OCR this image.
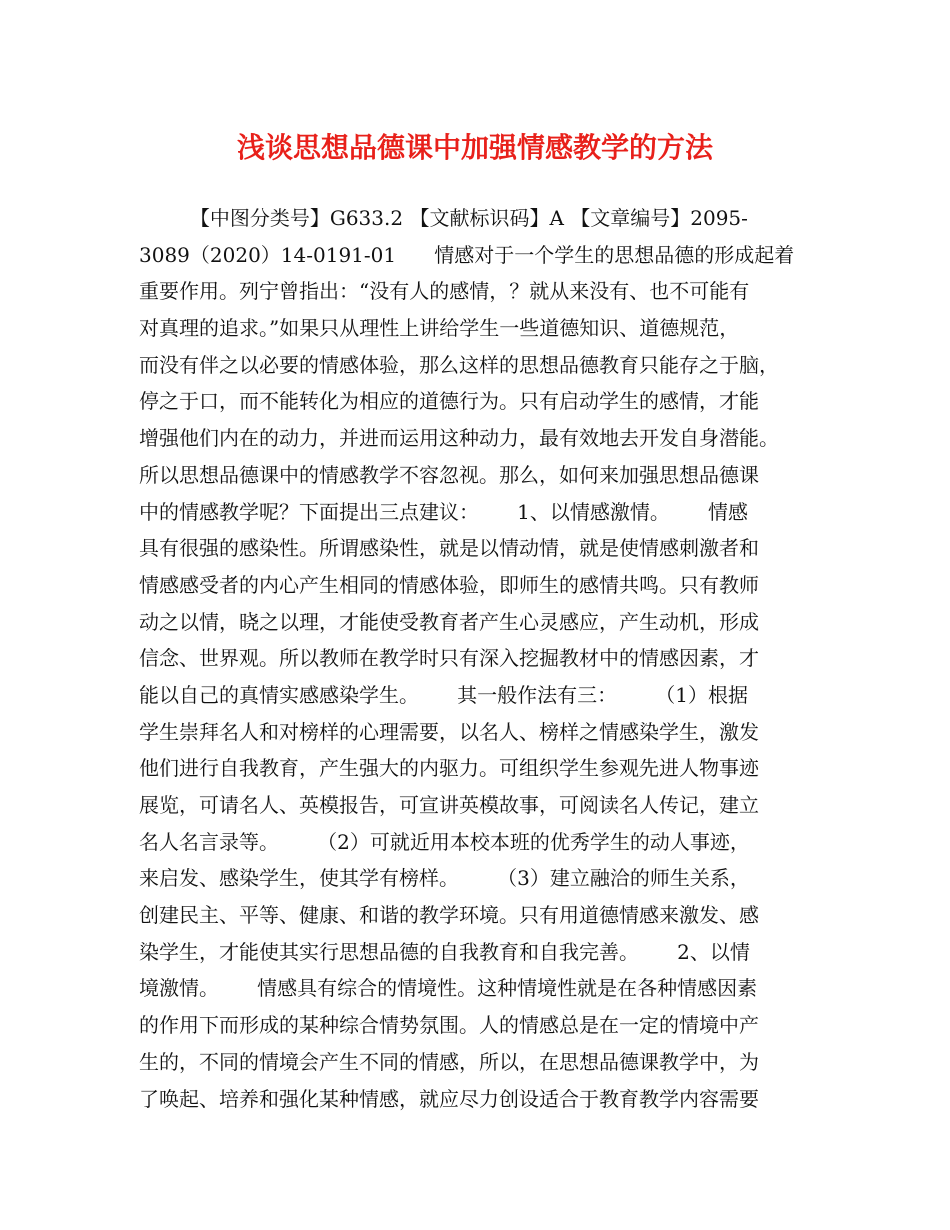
浅谈思想品德课中加强情感教学的方法
【中图分类号】G633.2 【文献标识码】A 【文章编号】2095-
3089（2020）14-0191-01      情感对于一个学生的思想品德的形成起着
重要作用。列宁曾指出：“没有人的感情，？就从来没有、也不可能有
对真理的追求。”如果只从理性上讲给学生一些道德知识、道德规范，
而没有伴之以必要的情感体验，那么这样的思想品德教育只能存之于脑，
停之于口，而不能转化为相应的道德行为。只有启动学生的感情，才能
增强他们内在的动力，并进而运用这种动力，最有效地去开发自身潜能。
所以思想品德课中的情感教学不容忽视。那么，如何来加强思想品德课
中的情感教学呢？下面提出三点建议：      1、以情感激情。      情感
具有很强的感染性。所谓感染性，就是以情动情，就是使情感刺激者和
情感感受者的内心产生相同的情感体验，即师生的感情共鸣。只有教师
动之以情，晓之以理，才能使受教育者产生心灵感应，产生动机，形成
信念、世界观。所以教师在教学时只有深入挖掘教材中的情感因素，才
能以自己的真情实感感染学生。      其一般作法有三：      （1）根据
学生崇拜名人和对榜样的心理需要，以名人、榜样之情感染学生，激发
他们进行自我教育，产生强大的内驱力。可组织学生参观先进人物事迹
展览，可请名人、英模报告，可宣讲英模故事，可阅读名人传记，建立
名人名言录等。      （2）可就近用本校本班的优秀学生的动人事迹，
来启发、感染学生，使其学有榜样。      （3）建立融洽的师生关系，
创建民主、平等、健康、和谐的教学环境。只有用道德情感来激发、感
染学生，才能使其实行思想品德的自我教育和自我完善。      2、以情
境激情。      情感具有综合的情境性。这种情境性就是在各种情感因素
的作用下而形成的某种综合情势氛围。人的情感总是在一定的情境中产
生的，不同的情境会产生不同的情感，所以，在思想品德课教学中，为
了唤起、培养和强化某种情感，就应尽力创设适合于教育教学内容需要
